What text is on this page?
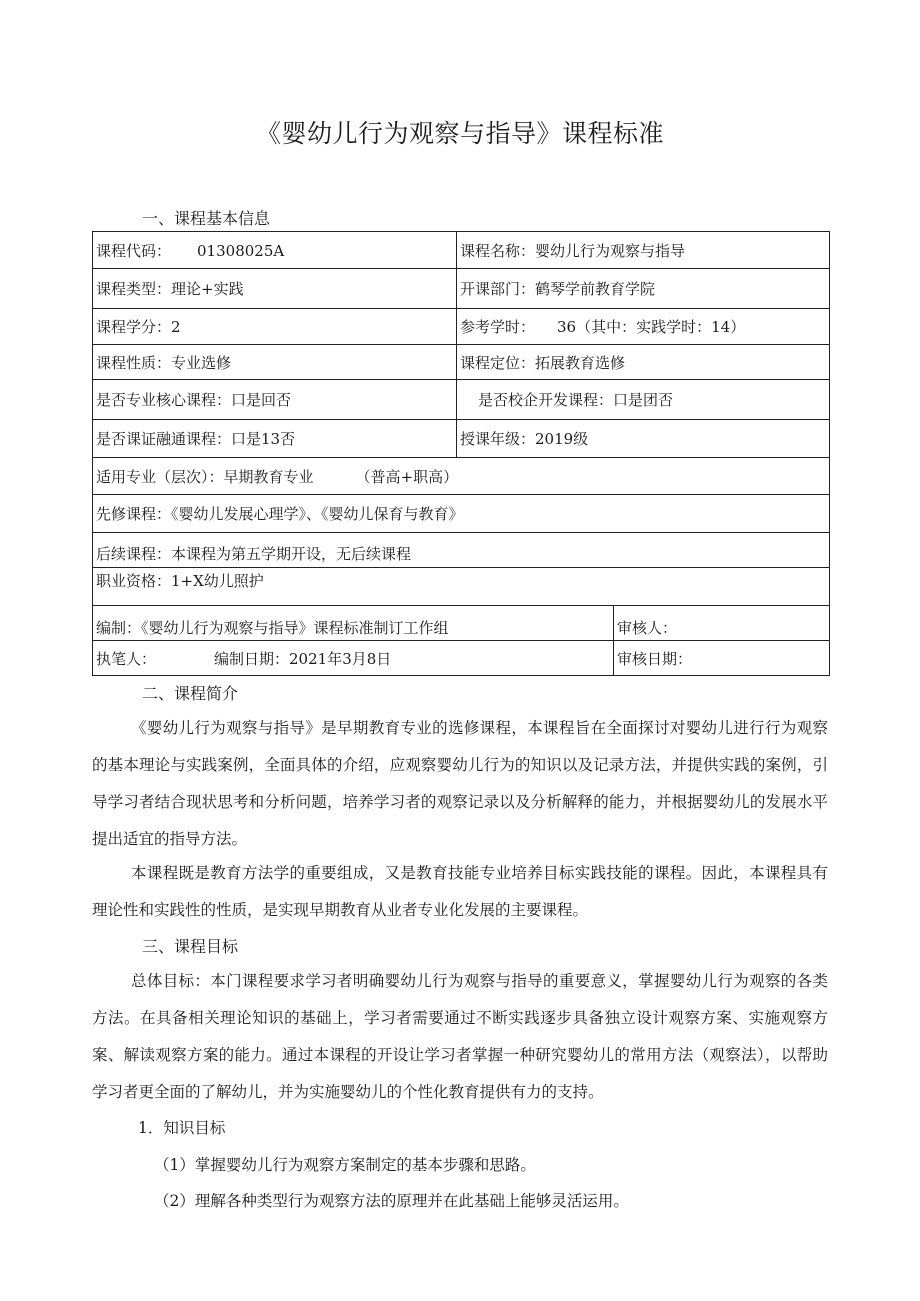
《婴幼儿行为观察与指导》课程标准
一、课程基本信息
课程代码： 01308025A	课程名称：婴幼儿行为观察与指导	
课程类型：理论+实践	开课部门：鹤琴学前教育学院	
课程学分：2	参考学时： 36（其中：实践学时：14）	
课程性质：专业选修	课程定位：拓展教育选修	
是否专业核心课程：口是回否	是否校企开发课程：口是团否	
是否课证融通课程：口是13否	授课年级：2019级	
适用专业（层次）：早期教育专业 （普高+职高）		
先修课程：《婴幼儿发展心理学》、《婴幼儿保育与教育》		
后续课程：本课程为第五学期开设，无后续课程		
职业资格：1+X幼儿照护		
编制：《婴幼儿行为观察与指导》课程标准制订工作组		审核人：
执笔人： 编制日期：2021年3月8日		审核日期：
二、课程简介

《婴幼儿行为观察与指导》是早期教育专业的选修课程，本课程旨在全面探讨对婴幼儿进行行为观察的基本理论与实践案例，全面具体的介绍，应观察婴幼儿行为的知识以及记录方法，并提供实践的案例，引导学习者结合现状思考和分析问题，培养学习者的观察记录以及分析解释的能力，并根据婴幼儿的发展水平提出适宜的指导方法。

本课程既是教育方法学的重要组成，又是教育技能专业培养目标实践技能的课程。因此，本课程具有理论性和实践性的性质，是实现早期教育从业者专业化发展的主要课程。

三、课程目标

总体目标：本门课程要求学习者明确婴幼儿行为观察与指导的重要意义，掌握婴幼儿行为观察的各类方法。在具备相关理论知识的基础上，学习者需要通过不断实践逐步具备独立设计观察方案、实施观察方案、解读观察方案的能力。通过本课程的开设让学习者掌握一种研究婴幼儿的常用方法（观察法），以帮助学习者更全面的了解幼儿，并为实施婴幼儿的个性化教育提供有力的支持。

1．知识目标

（1）掌握婴幼儿行为观察方案制定的基本步骤和思路。

（2）理解各种类型行为观察方法的原理并在此基础上能够灵活运用。
